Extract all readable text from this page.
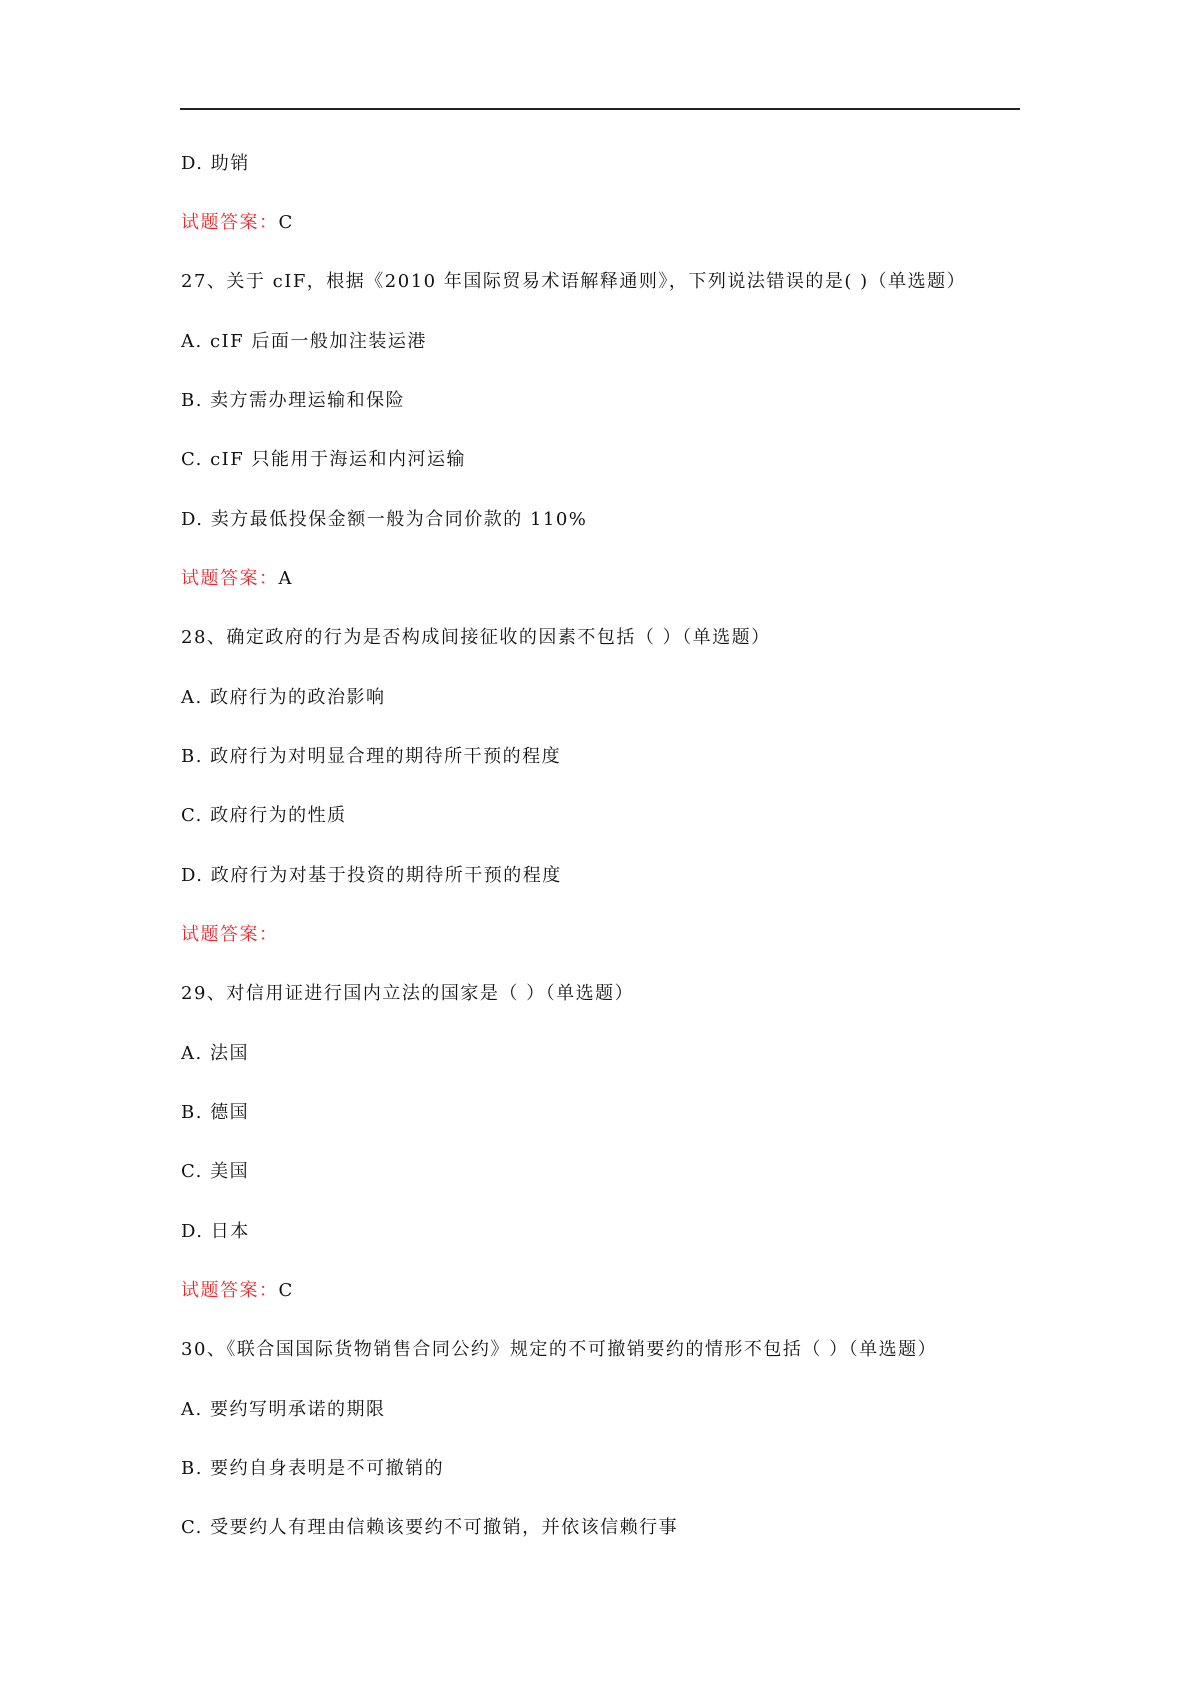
D. 助销
试题答案：C
27、关于 cIF，根据《2010 年国际贸易术语解释通则》，下列说法错误的是( )（单选题）
A. cIF 后面一般加注装运港
B. 卖方需办理运输和保险
C. cIF 只能用于海运和内河运输
D. 卖方最低投保金额一般为合同价款的 110%
试题答案：A
28、确定政府的行为是否构成间接征收的因素不包括（ ）（单选题）
A. 政府行为的政治影响
B. 政府行为对明显合理的期待所干预的程度
C. 政府行为的性质
D. 政府行为对基于投资的期待所干预的程度
试题答案：
29、对信用证进行国内立法的国家是（ ）（单选题）
A. 法国
B. 德国
C. 美国
D. 日本
试题答案：C
30、《联合国国际货物销售合同公约》规定的不可撤销要约的情形不包括（ ）（单选题）
A. 要约写明承诺的期限
B. 要约自身表明是不可撤销的
C. 受要约人有理由信赖该要约不可撤销，并依该信赖行事
